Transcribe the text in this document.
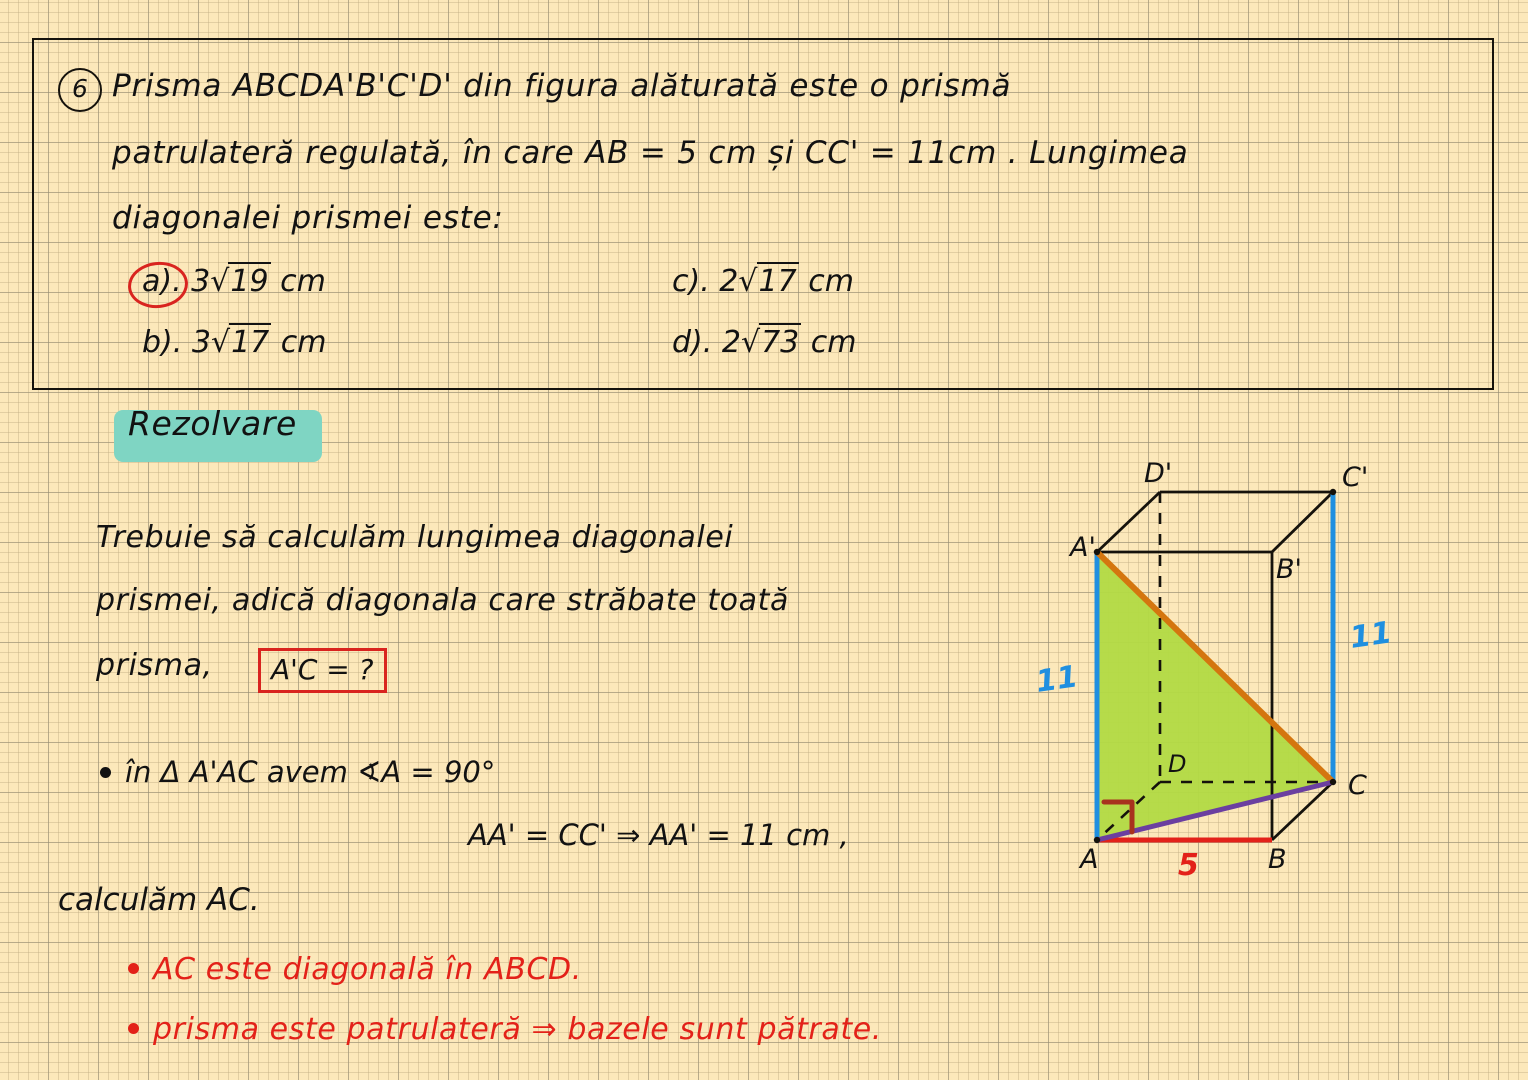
6 Prisma ABCDA'B'C'D' din figura alăturată este o prismă
patrulateră regulată, în care AB = 5 cm și CC' = 11cm . Lungimea
diagonalei prismei este:
a). 3√19 cm
b). 3√17 cm
c). 2√17 cm
d). 2√73 cm
Rezolvare
Trebuie să calculăm lungimea diagonalei
prismei, adică diagonala care străbate toată
prisma,	A'C = ?
în Δ A'AC avem ∢A = 90°
AA' = CC' ⇒ AA' = 11 cm ,
calculăm AC.
AC este diagonală în ABCD.
prisma este patrulateră ⇒ bazele sunt pătrate.
A'
D'
B'
C'
A	B
C
D
11
11
5
